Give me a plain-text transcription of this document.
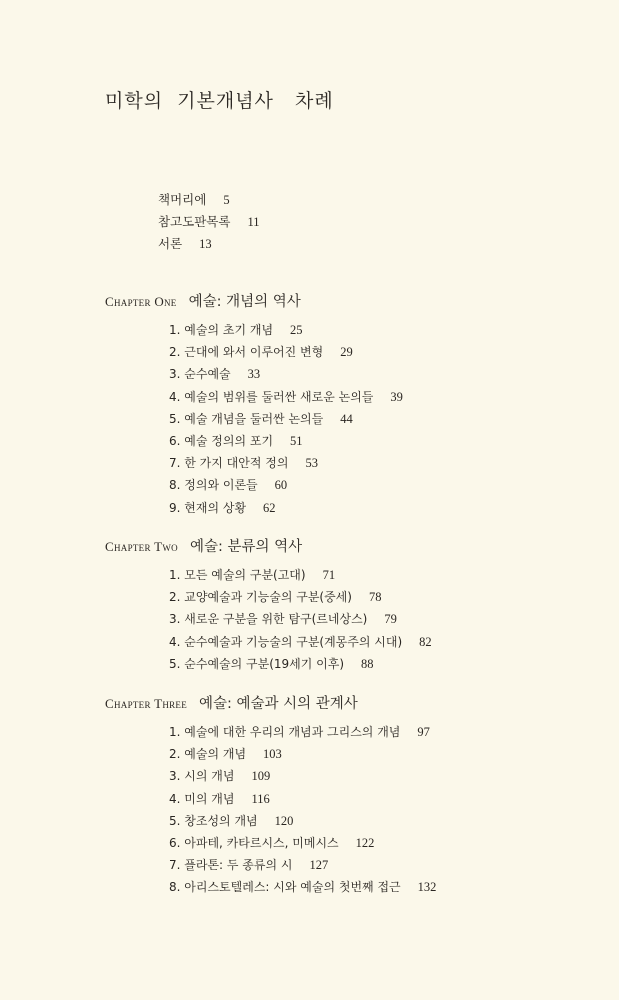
미학의  기본개념사   차례
책머리에 5
참고도판목록 11
서론 13
Chapter One 예술: 개념의 역사
1. 예술의 초기 개념 25
2. 근대에 와서 이루어진 변형 29
3. 순수예술 33
4. 예술의 범위를 둘러싼 새로운 논의들 39
5. 예술 개념을 둘러싼 논의들 44
6. 예술 정의의 포기 51
7. 한 가지 대안적 정의 53
8. 정의와 이론들 60
9. 현재의 상황 62
Chapter Two 예술: 분류의 역사
1. 모든 예술의 구분(고대) 71
2. 교양예술과 기능술의 구분(중세) 78
3. 새로운 구분을 위한 탐구(르네상스) 79
4. 순수예술과 기능술의 구분(계몽주의 시대) 82
5. 순수예술의 구분(19세기 이후) 88
Chapter Three 예술: 예술과 시의 관계사
1. 예술에 대한 우리의 개념과 그리스의 개념 97
2. 예술의 개념 103
3. 시의 개념 109
4. 미의 개념 116
5. 창조성의 개념 120
6. 아파테, 카타르시스, 미메시스 122
7. 플라톤: 두 종류의 시 127
8. 아리스토텔레스: 시와 예술의 첫번째 접근 132
